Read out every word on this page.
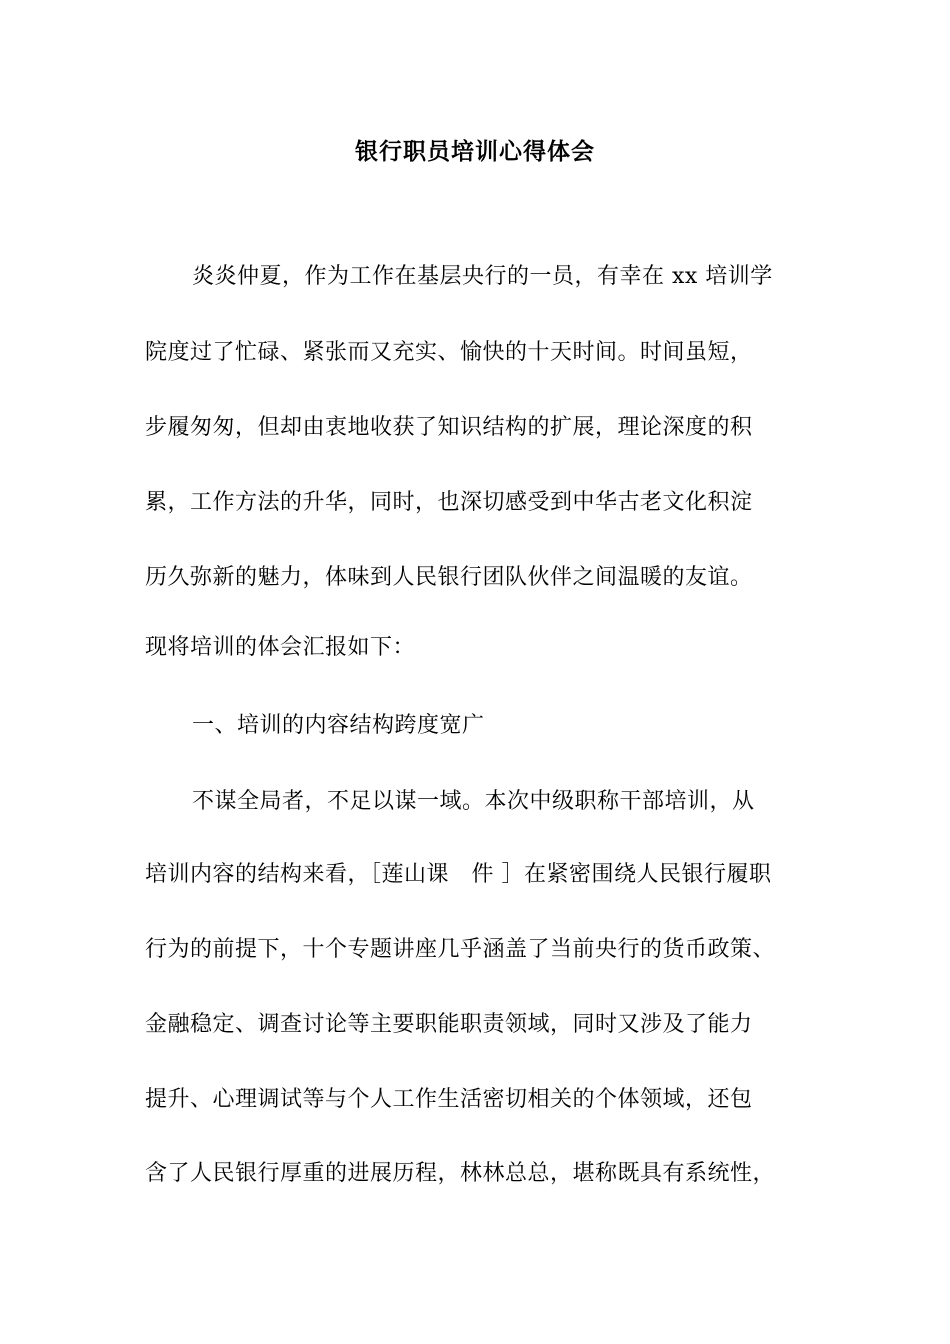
银行职员培训心得体会
炎炎仲夏，作为工作在基层央行的一员，有幸在 xx 培训学
院度过了忙碌、紧张而又充实、愉快的十天时间。时间虽短，
步履匆匆，但却由衷地收获了知识结构的扩展，理论深度的积
累，工作方法的升华，同时，也深切感受到中华古老文化积淀
历久弥新的魅力，体味到人民银行团队伙伴之间温暖的友谊。
现将培训的体会汇报如下：
一、培训的内容结构跨度宽广
不谋全局者，不足以谋一域。本次中级职称干部培训，从
培训内容的结构来看，［莲山课　件 ］在紧密围绕人民银行履职
行为的前提下，十个专题讲座几乎涵盖了当前央行的货币政策、
金融稳定、调查讨论等主要职能职责领域，同时又涉及了能力
提升、心理调试等与个人工作生活密切相关的个体领域，还包
含了人民银行厚重的进展历程，林林总总，堪称既具有系统性，
